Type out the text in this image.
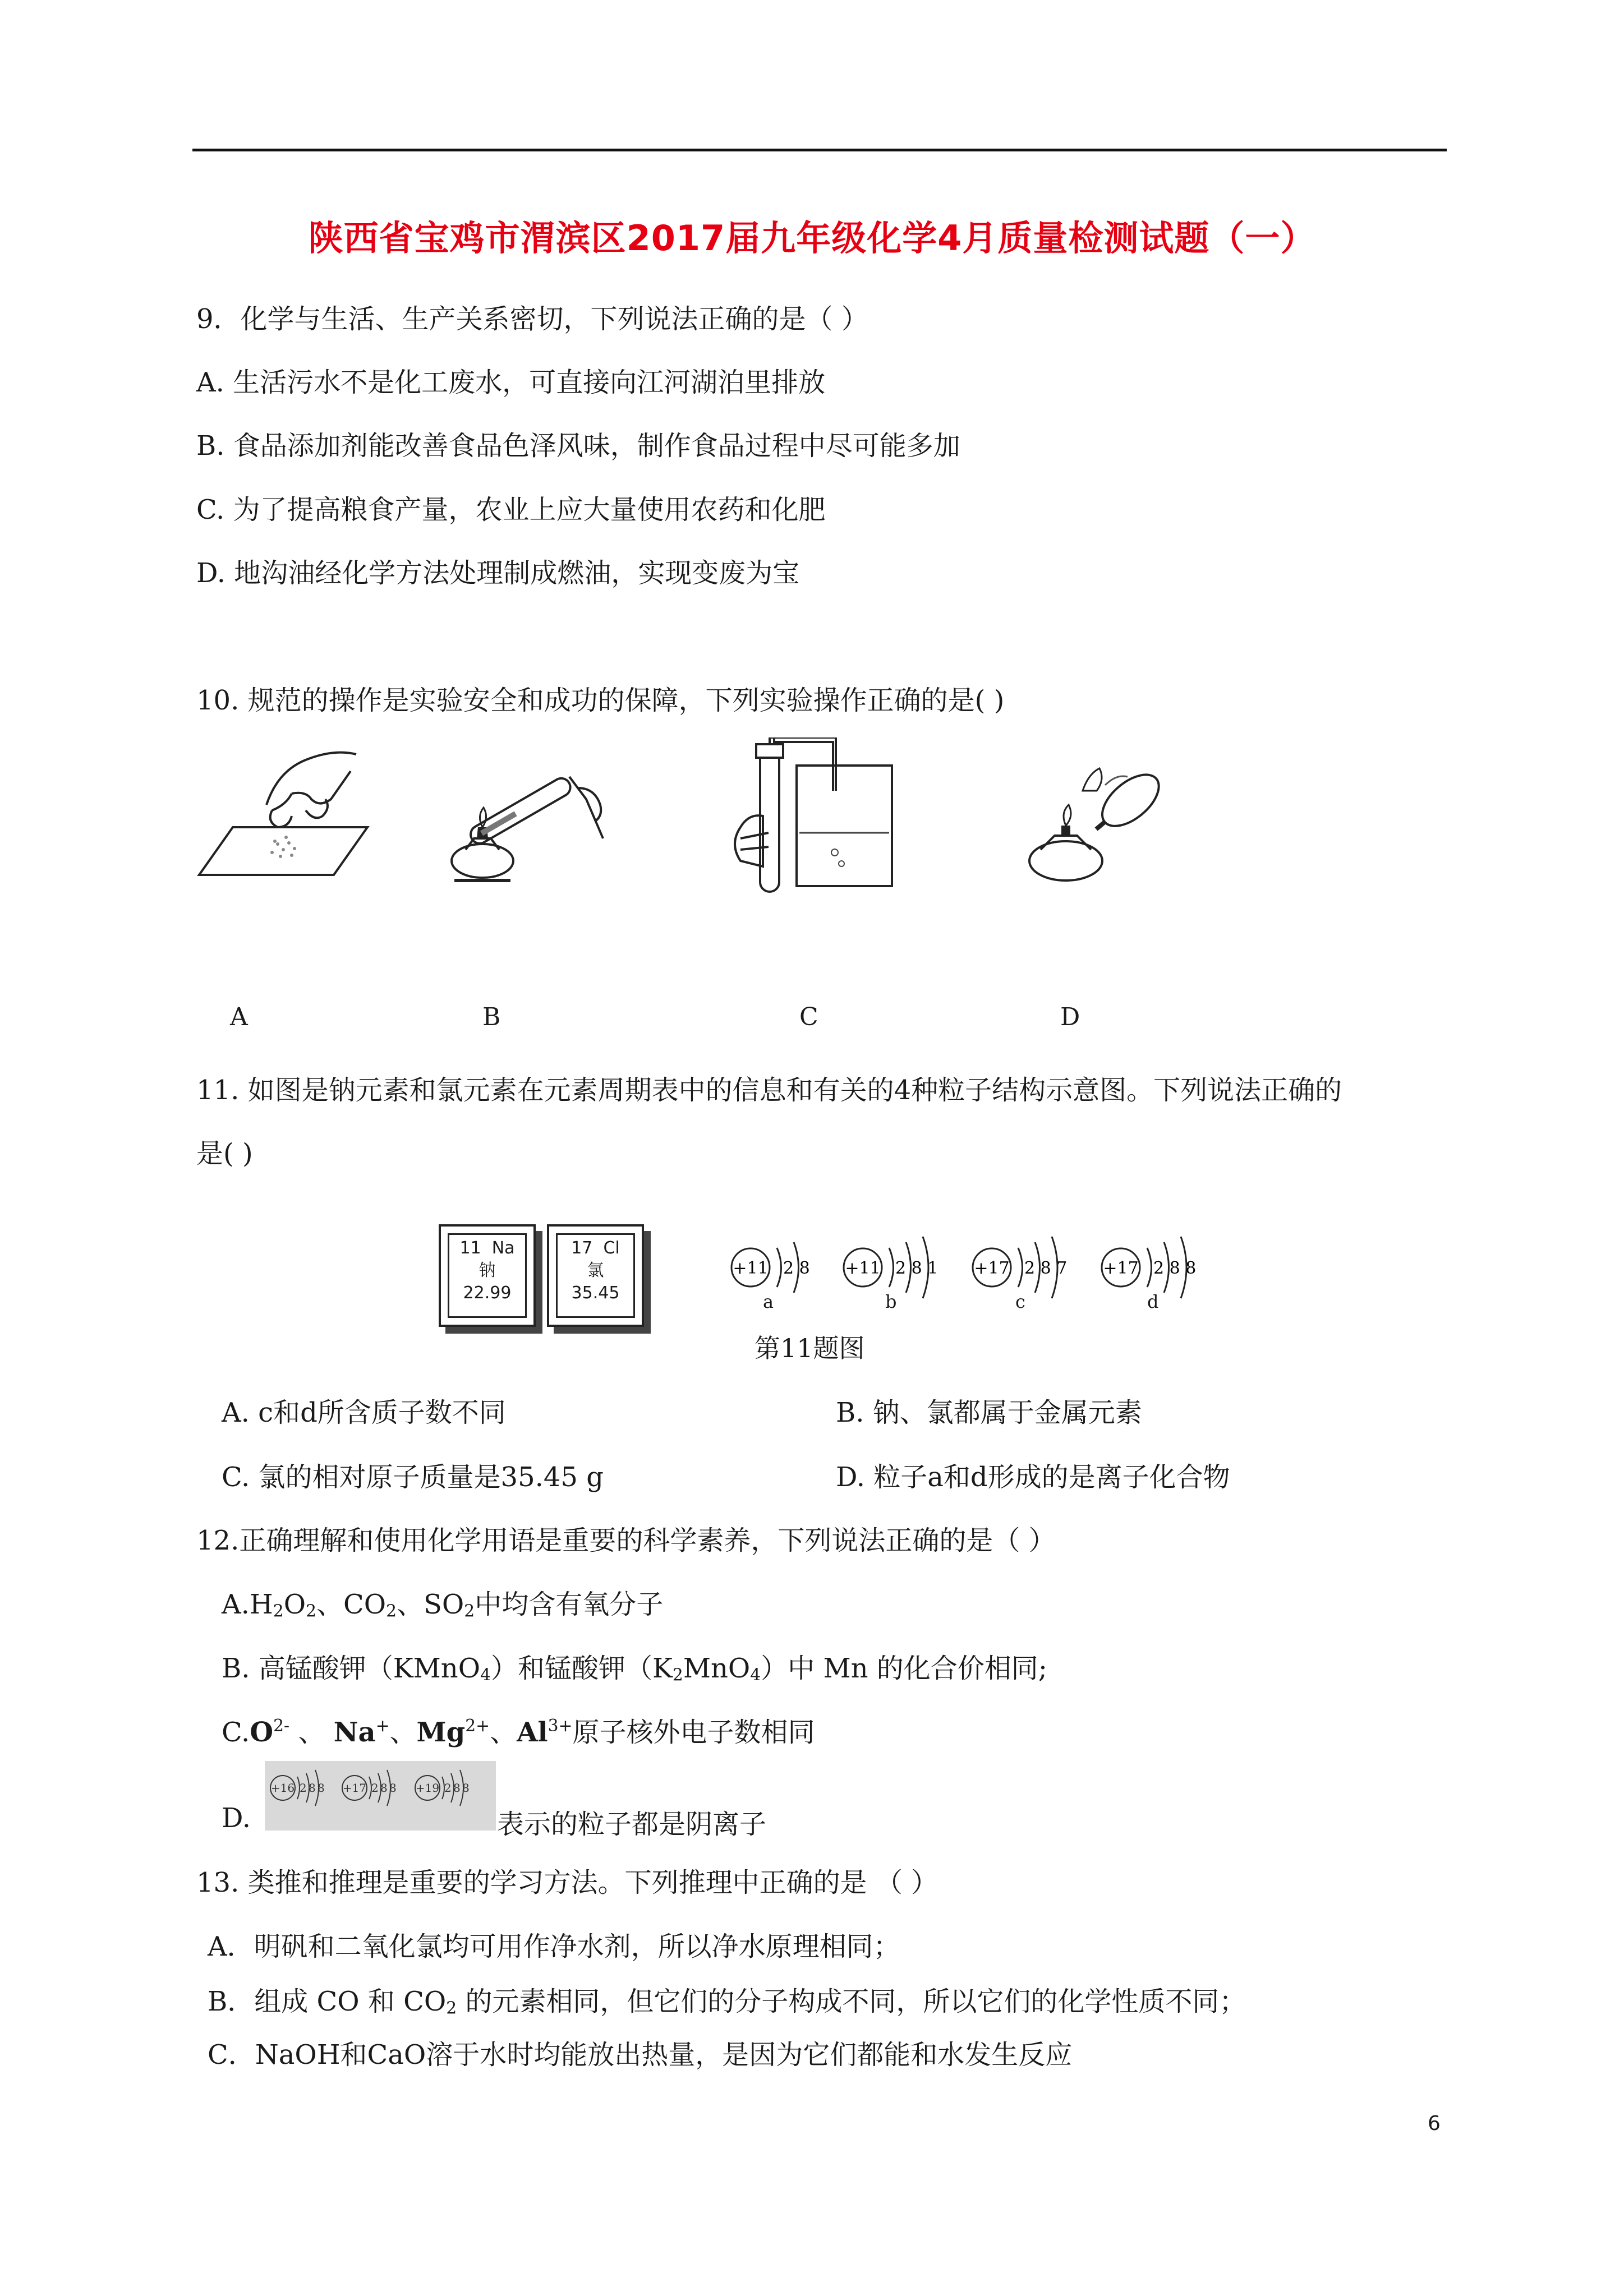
陕西省宝鸡市渭滨区2017届九年级化学4月质量检测试题（一）
9．化学与生活、生产关系密切，下列说法正确的是（ ）
A. 生活污水不是化工废水，可直接向江河湖泊里排放
B. 食品添加剂能改善食品色泽风味，制作食品过程中尽可能多加
C. 为了提高粮食产量，农业上应大量使用农药和化肥
D. 地沟油经化学方法处理制成燃油，实现变废为宝
10. 规范的操作是实验安全和成功的保障，下列实验操作正确的是( )
A	B	C	D
11. 如图是钠元素和氯元素在元素周期表中的信息和有关的4种粒子结构示意图。下列说法正确的
是( )
11 Na
钠
22.99
17 Cl
氯
35.45
+11 2 8 +11 2 8 1 +17 2 8 7 +17 2 8 8
a	b	c	d
第11题图
A. c和d所含质子数不同	B. 钠、氯都属于金属元素
C. 氯的相对原子质量是35.45 g	D. 粒子a和d形成的是离子化合物
12.正确理解和使用化学用语是重要的科学素养，下列说法正确的是（ ）
$A.H_2O_2$、$CO_2$、$SO_2$中均含有氧分子
B. 高锰酸钾（KMnO$_4$）和锰酸钾$(K_2MnO_4)$中 Mn 的化合价相同;
$C.O^{2-}$ 、 Na+、$Mg^{2+}$、$Al^{3+}$原子核外电子数相同
D.
+16 2 8 8 +17 2 8 8 +19 2 8 8
表示的粒子都是阴离子
13. 类推和推理是重要的学习方法。下列推理中正确的是 （ ）
A．明矾和二氧化氯均可用作净水剂，所以净水原理相同；
B．组成 CO 和 $CO_2$ 的元素相同，但它们的分子构成不同，所以它们的化学性质不同；
C．NaOH和CaO溶于水时均能放出热量，是因为它们都能和水发生反应
6
